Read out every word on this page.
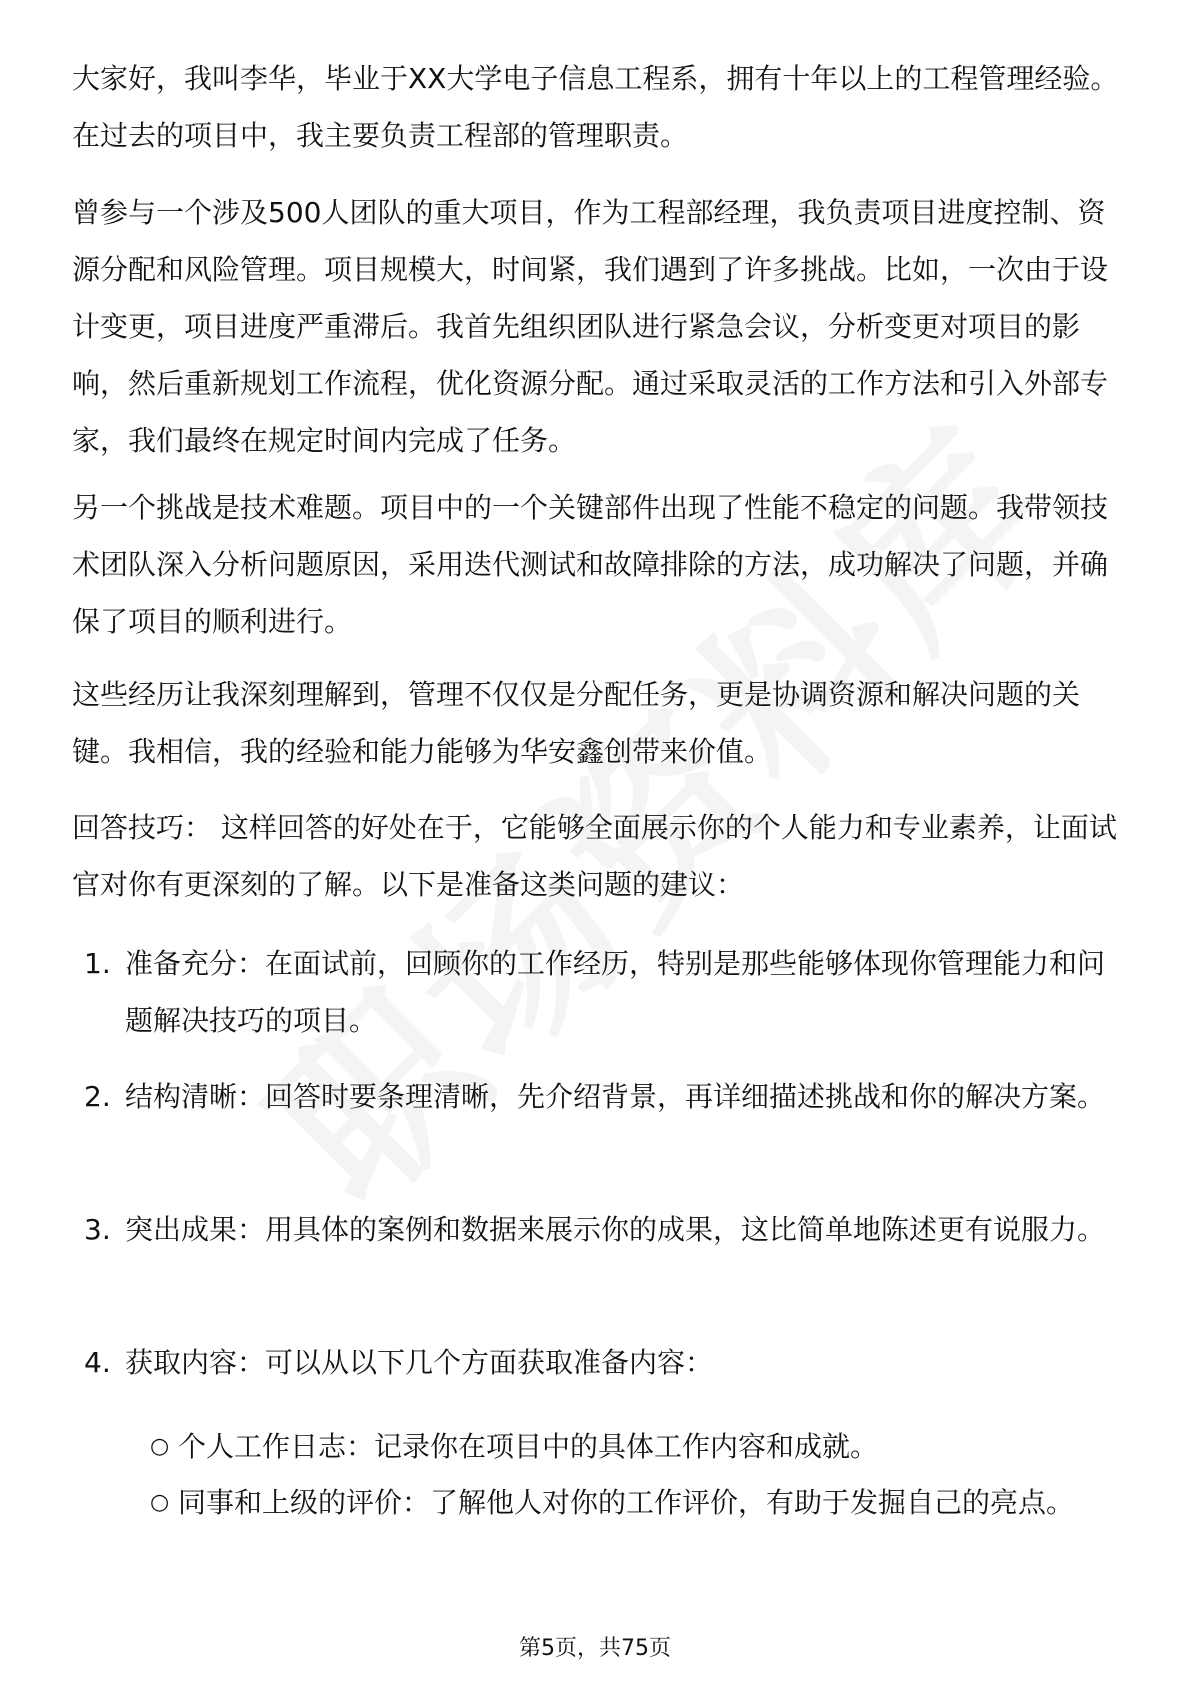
大家好，我叫李华，毕业于XX大学电子信息工程系，拥有十年以上的工程管理经验。在过去的项目中，我主要负责工程部的管理职责。

曾参与一个涉及500人团队的重大项目，作为工程部经理，我负责项目进度控制、资源分配和风险管理。项目规模大，时间紧，我们遇到了许多挑战。比如，一次由于设计变更，项目进度严重滞后。我首先组织团队进行紧急会议，分析变更对项目的影响，然后重新规划工作流程，优化资源分配。通过采取灵活的工作方法和引入外部专家，我们最终在规定时间内完成了任务。

另一个挑战是技术难题。项目中的一个关键部件出现了性能不稳定的问题。我带领技术团队深入分析问题原因，采用迭代测试和故障排除的方法，成功解决了问题，并确保了项目的顺利进行。

这些经历让我深刻理解到，管理不仅仅是分配任务，更是协调资源和解决问题的关键。我相信，我的经验和能力能够为华安鑫创带来价值。

回答技巧： 这样回答的好处在于，它能够全面展示你的个人能力和专业素养，让面试官对你有更深刻的了解。以下是准备这类问题的建议：

1. 准备充分：在面试前，回顾你的工作经历，特别是那些能够体现你管理能力和问题解决技巧的项目。

2. 结构清晰：回答时要条理清晰，先介绍背景，再详细描述挑战和你的解决方案。

3. 突出成果：用具体的案例和数据来展示你的成果，这比简单地陈述更有说服力。

4. 获取内容：可以从以下几个方面获取准备内容：

○ 个人工作日志：记录你在项目中的具体工作内容和成就。

○ 同事和上级的评价：了解他人对你的工作评价，有助于发掘自己的亮点。

第5页，共75页
